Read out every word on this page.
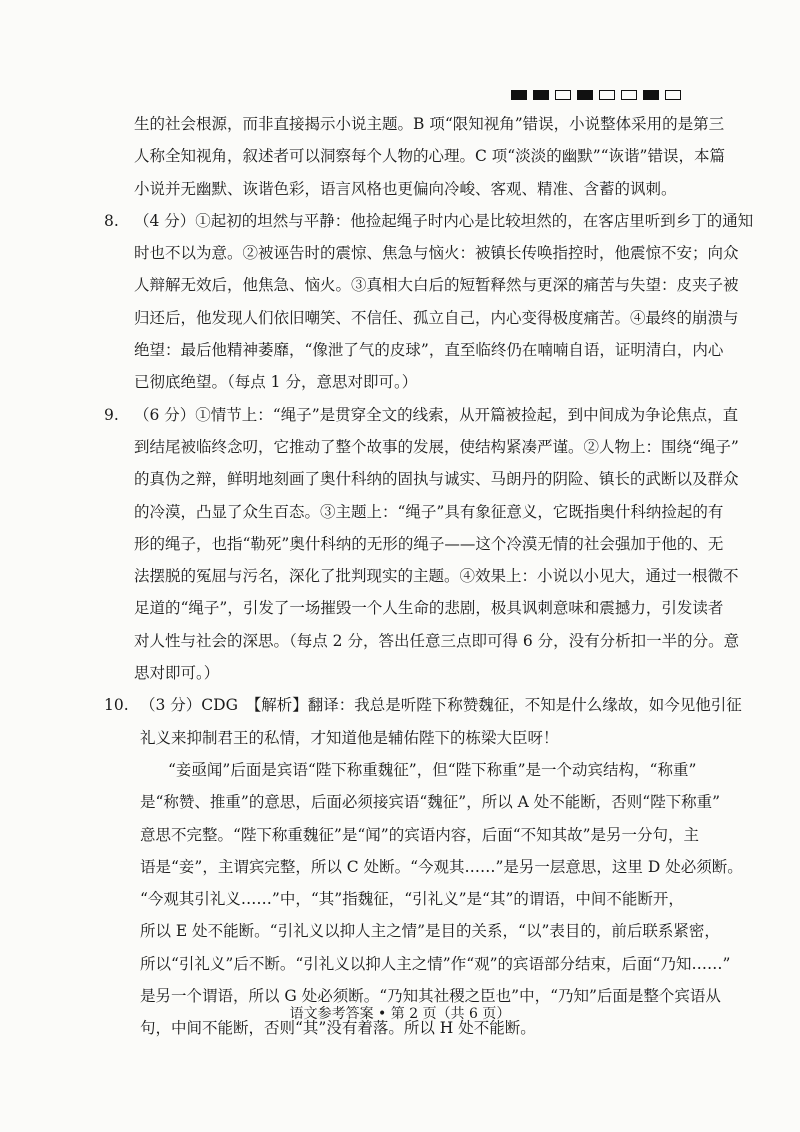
生的社会根源，而非直接揭示小说主题。B 项“限知视角”错误，小说整体采用的是第三
人称全知视角，叙述者可以洞察每个人物的心理。C 项“淡淡的幽默”“诙谐”错误，本篇
小说并无幽默、诙谐色彩，语言风格也更偏向冷峻、客观、精准、含蓄的讽刺。
8. （4 分）①起初的坦然与平静：他捡起绳子时内心是比较坦然的，在客店里听到乡丁的通知
时也不以为意。②被诬告时的震惊、焦急与恼火：被镇长传唤指控时，他震惊不安；向众
人辩解无效后，他焦急、恼火。③真相大白后的短暂释然与更深的痛苦与失望：皮夹子被
归还后，他发现人们依旧嘲笑、不信任、孤立自己，内心变得极度痛苦。④最终的崩溃与
绝望：最后他精神萎靡，“像泄了气的皮球”，直至临终仍在喃喃自语，证明清白，内心
已彻底绝望。（每点 1 分，意思对即可。）
9. （6 分）①情节上：“绳子”是贯穿全文的线索，从开篇被捡起，到中间成为争论焦点，直
到结尾被临终念叨，它推动了整个故事的发展，使结构紧凑严谨。②人物上：围绕“绳子”
的真伪之辩，鲜明地刻画了奥什科纳的固执与诚实、马朗丹的阴险、镇长的武断以及群众
的冷漠，凸显了众生百态。③主题上：“绳子”具有象征意义，它既指奥什科纳捡起的有
形的绳子，也指“勒死”奥什科纳的无形的绳子——这个冷漠无情的社会强加于他的、无
法摆脱的冤屈与污名，深化了批判现实的主题。④效果上：小说以小见大，通过一根微不
足道的“绳子”，引发了一场摧毁一个人生命的悲剧，极具讽刺意味和震撼力，引发读者
对人性与社会的深思。（每点 2 分，答出任意三点即可得 6 分，没有分析扣一半的分。意
思对即可。）
10. （3 分）CDG　【解析】翻译：我总是听陛下称赞魏征，不知是什么缘故，如今见他引征
礼义来抑制君王的私情，才知道他是辅佑陛下的栋梁大臣呀！
“妾亟闻”后面是宾语“陛下称重魏征”，但“陛下称重”是一个动宾结构，“称重”
是“称赞、推重”的意思，后面必须接宾语“魏征”，所以 A 处不能断，否则“陛下称重”
意思不完整。“陛下称重魏征”是“闻”的宾语内容，后面“不知其故”是另一分句，主
语是“妾”，主谓宾完整，所以 C 处断。“今观其……”是另一层意思，这里 D 处必须断。
“今观其引礼义……”中，“其”指魏征，“引礼义”是“其”的谓语，中间不能断开，
所以 E 处不能断。“引礼义以抑人主之情”是目的关系，“以”表目的，前后联系紧密，
所以“引礼义”后不断。“引礼义以抑人主之情”作“观”的宾语部分结束，后面“乃知……”
是另一个谓语，所以 G 处必须断。“乃知其社稷之臣也”中，“乃知”后面是整个宾语从
句，中间不能断，否则“其”没有着落。所以 H 处不能断。
语文参考答案 • 第 2 页（共 6 页）
